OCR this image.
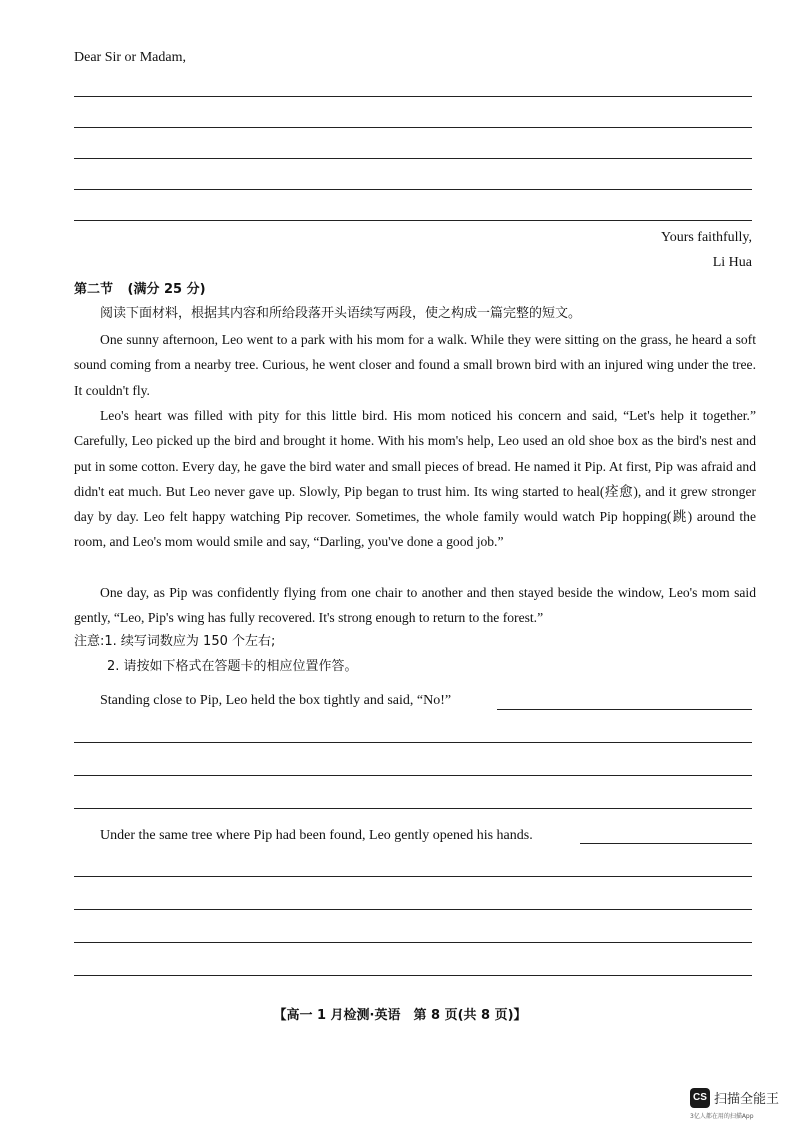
Dear Sir or Madam,
Yours faithfully,
Li Hua
第二节 (满分 25 分)
阅读下面材料，根据其内容和所给段落开头语续写两段，使之构成一篇完整的短文。
One sunny afternoon, Leo went to a park with his mom for a walk. While they were sitting on the grass, he heard a soft sound coming from a nearby tree. Curious, he went closer and found a small brown bird with an injured wing under the tree. It couldn't fly.
Leo's heart was filled with pity for this little bird. His mom noticed his concern and said, “Let's help it together.” Carefully, Leo picked up the bird and brought it home. With his mom's help, Leo used an old shoe box as the bird's nest and put in some cotton. Every day, he gave the bird water and small pieces of bread. He named it Pip. At first, Pip was afraid and didn't eat much. But Leo never gave up. Slowly, Pip began to trust him. Its wing started to heal(痊愈), and it grew stronger day by day. Leo felt happy watching Pip recover. Sometimes, the whole family would watch Pip hopping(跳) around the room, and Leo's mom would smile and say, “Darling, you've done a good job.”
One day, as Pip was confidently flying from one chair to another and then stayed beside the window, Leo's mom said gently, “Leo, Pip's wing has fully recovered. It's strong enough to return to the forest.”
注意:1. 续写词数应为 150 个左右;
2. 请按如下格式在答题卡的相应位置作答。
Standing close to Pip, Leo held the box tightly and said, “No!”
Under the same tree where Pip had been found, Leo gently opened his hands.
【高一 1 月检测·英语　第 8 页(共 8 页)】
CS 扫描全能王
3亿人都在用的扫描App
